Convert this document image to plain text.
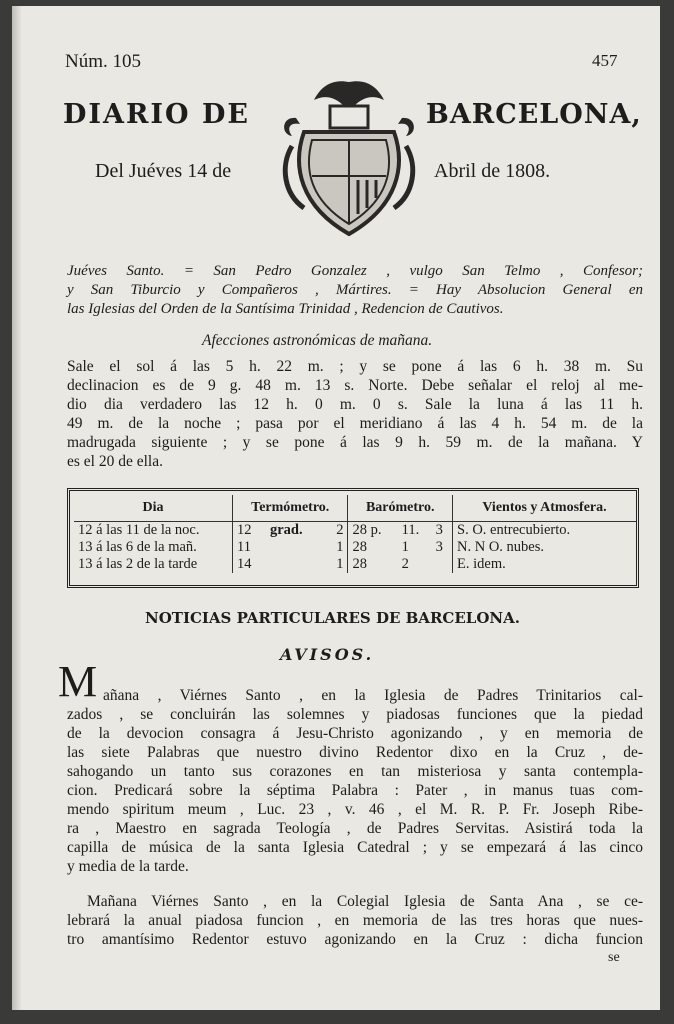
Núm. 105	457
DIARIO DE	BARCELONA,
Del Juéves 14 de	Abril de 1808.
Juéves Santo. = San Pedro Gonzalez , vulgo San Telmo , Confesor;
y San Tiburcio y Compañeros , Mártires. = Hay Absolucion General en
las Iglesias del Orden de la Santísima Trinidad , Redencion de Cautivos.
Afecciones astronómicas de mañana.
Sale el sol á las 5 h. 22 m. ; y se pone á las 6 h. 38 m. Su
declinacion es de 9 g. 48 m. 13 s. Norte. Debe señalar el reloj al me-
dio dia verdadero las 12 h. 0 m. 0 s. Sale la luna á las 11 h.
49 m. de la noche ; pasa por el meridiano á las 4 h. 54 m. de la
madrugada siguiente ; y se pone á las 9 h. 59 m. de la mañana. Y
es el 20 de ella.
Dia	Termómetro.			Barómetro.			Vientos y Atmosfera.
12 á las 11 de la noc.	12	grad.	2	28 p.	11.	3	S. O. entrecubierto.
13 á las 6 de la mañ.	11		1	28	1	3	N. N O. nubes.
13 á las 2 de la tarde	14		1	28	2		E. idem.
NOTICIAS PARTICULARES DE BARCELONA.
AVISOS.
M añana , Viérnes Santo , en la Iglesia de Padres Trinitarios cal-
zados , se concluirán las solemnes y piadosas funciones que la piedad
de la devocion consagra á Jesu-Christo agonizando , y en memoria de
las siete Palabras que nuestro divino Redentor dixo en la Cruz , de-
sahogando un tanto sus corazones en tan misteriosa y santa contempla-
cion. Predicará sobre la séptima Palabra : Pater , in manus tuas com-
mendo spiritum meum , Luc. 23 , v. 46 , el M. R. P. Fr. Joseph Ribe-
ra , Maestro en sagrada Teología , de Padres Servitas. Asistirá toda la
capilla de música de la santa Iglesia Catedral ; y se empezará á las cinco
y media de la tarde.
Mañana Viérnes Santo , en la Colegial Iglesia de Santa Ana , se ce-
lebrará la anual piadosa funcion , en memoria de las tres horas que nues-
tro amantísimo Redentor estuvo agonizando en la Cruz : dicha funcion
se
